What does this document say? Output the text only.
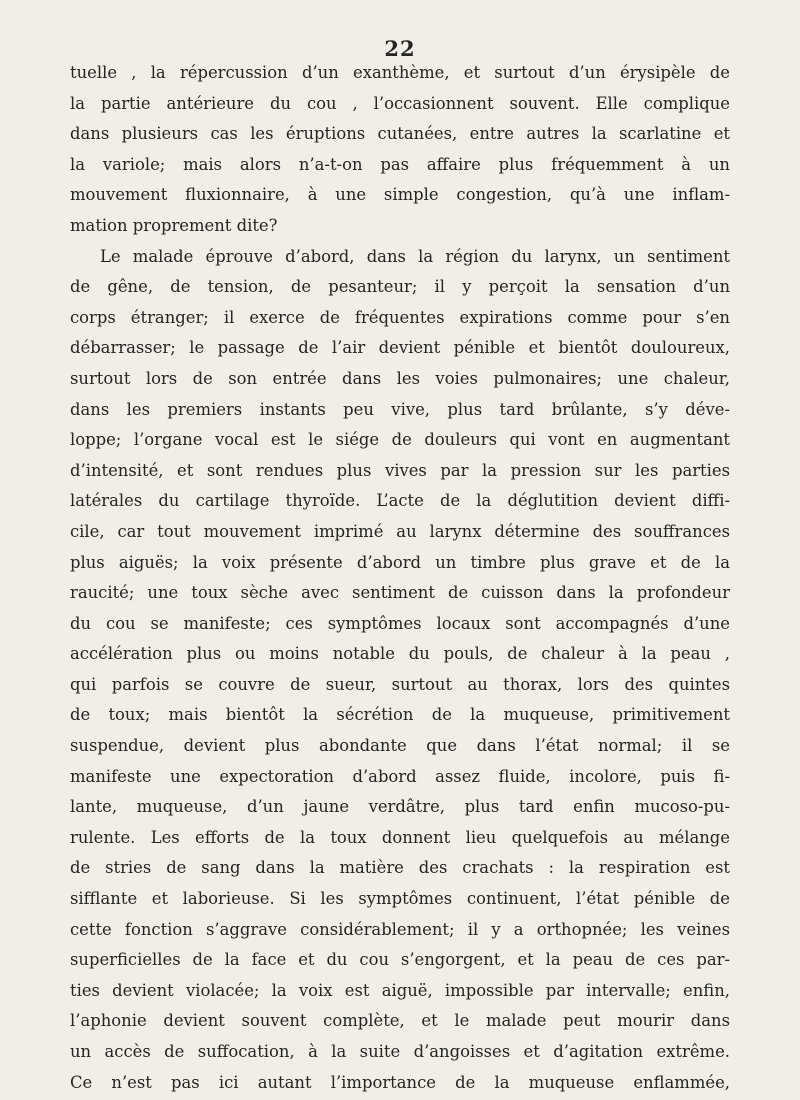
22
tuelle , la répercussion d’un exanthème, et surtout d’un érysipèle de
la partie antérieure du cou , l’occasionnent souvent. Elle complique
dans plusieurs cas les éruptions cutanées, entre autres la scarlatine et
la variole; mais alors n’a-t-on pas affaire plus fréquemment à un
mouvement fluxionnaire, à une simple congestion, qu’à une inflam-
mation proprement dite?
Le malade éprouve d’abord, dans la région du larynx, un sentiment
de gêne, de tension, de pesanteur; il y perçoit la sensation d’un
corps étranger; il exerce de fréquentes expirations comme pour s’en
débarrasser; le passage de l’air devient pénible et bientôt douloureux,
surtout lors de son entrée dans les voies pulmonaires; une chaleur,
dans les premiers instants peu vive, plus tard brûlante, s’y déve-
loppe; l’organe vocal est le siége de douleurs qui vont en augmentant
d’intensité, et sont rendues plus vives par la pression sur les parties
latérales du cartilage thyroïde. L’acte de la déglutition devient diffi-
cile, car tout mouvement imprimé au larynx détermine des souffrances
plus aiguës; la voix présente d’abord un timbre plus grave et de la
raucité; une toux sèche avec sentiment de cuisson dans la profondeur
du cou se manifeste; ces symptômes locaux sont accompagnés d’une
accélération plus ou moins notable du pouls, de chaleur à la peau ,
qui parfois se couvre de sueur, surtout au thorax, lors des quintes
de toux; mais bientôt la sécrétion de la muqueuse, primitivement
suspendue, devient plus abondante que dans l’état normal; il se
manifeste une expectoration d’abord assez fluide, incolore, puis fi-
lante, muqueuse, d’un jaune verdâtre, plus tard enfin mucoso-pu-
rulente. Les efforts de la toux donnent lieu quelquefois au mélange
de stries de sang dans la matière des crachats : la respiration est
sifflante et laborieuse. Si les symptômes continuent, l’état pénible de
cette fonction s’aggrave considérablement; il y a orthopnée; les veines
superficielles de la face et du cou s’engorgent, et la peau de ces par-
ties devient violacée; la voix est aiguë, impossible par intervalle; enfin,
l’aphonie devient souvent complète, et le malade peut mourir dans
un accès de suffocation, à la suite d’angoisses et d’agitation extrême.
Ce n’est pas ici autant l’importance de la muqueuse enflammée,
